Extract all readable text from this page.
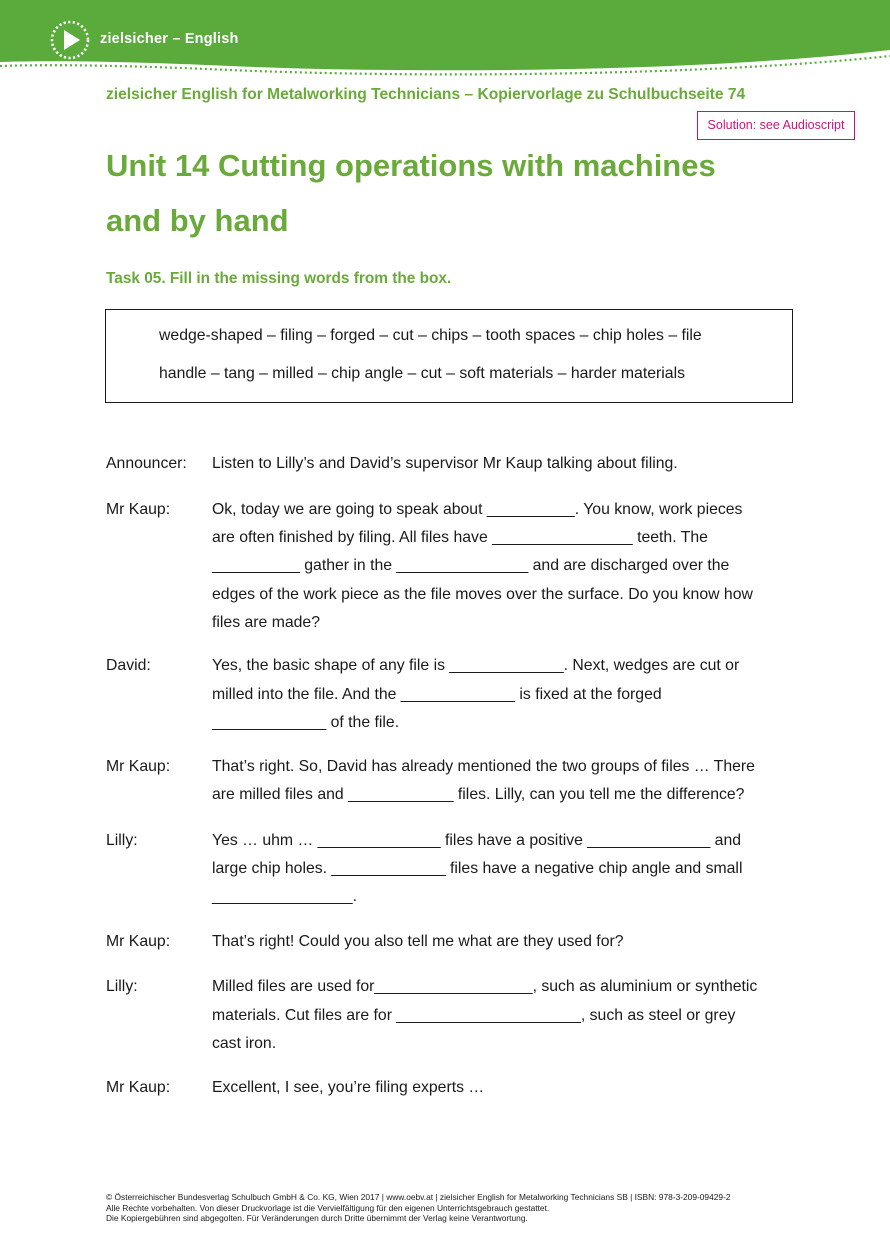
zielsicher – English
zielsicher English for Metalworking Technicians – Kopiervorlage zu Schulbuchseite 74
Solution: see Audioscript
Unit 14 Cutting operations with machines
and by hand
Task 05. Fill in the missing words from the box.
wedge-shaped – filing – forged – cut – chips – tooth spaces – chip holes – file
handle – tang – milled – chip angle – cut – soft materials – harder materials
Announcer: Listen to Lilly’s and David’s supervisor Mr Kaup talking about filing.
Mr Kaup:	Ok, today we are going to speak about __________. You know, work pieces
are often finished by filing. All files have ________________ teeth. The
__________ gather in the _______________ and are discharged over the
edges of the work piece as the file moves over the surface. Do you know how
files are made?
David:	Yes, the basic shape of any file is _____________. Next, wedges are cut or
milled into the file. And the _____________ is fixed at the forged
_____________ of the file.
Mr Kaup:	That’s right. So, David has already mentioned the two groups of files … There
are milled files and ____________ files. Lilly, can you tell me the difference?
Lilly:	Yes … uhm … ______________ files have a positive ______________ and
large chip holes. _____________ files have a negative chip angle and small
________________.
Mr Kaup:	That’s right! Could you also tell me what are they used for?
Lilly:	Milled files are used for__________________, such as aluminium or synthetic
materials. Cut files are for _____________________, such as steel or grey
cast iron.
Mr Kaup:	Excellent, I see, you’re filing experts …
© Österreichischer Bundesverlag Schulbuch GmbH & Co. KG, Wien 2017 | www.oebv.at | zielsicher English for Metalworking Technicians SB | ISBN: 978-3-209-09429-2
Alle Rechte vorbehalten. Von dieser Druckvorlage ist die Vervielfältigung für den eigenen Unterrichtsgebrauch gestattet.
Die Kopiergebühren sind abgegolten. Für Veränderungen durch Dritte übernimmt der Verlag keine Verantwortung.
